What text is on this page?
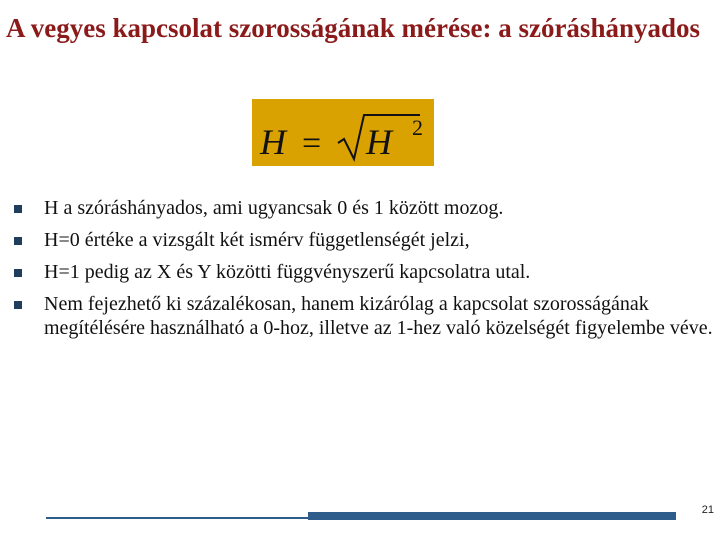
A vegyes kapcsolat szorosságának mérése: a szóráshányados
H = H 2
H a szóráshányados, ami ugyancsak 0 és 1 között mozog.
H=0 értéke a vizsgált két ismérv függetlenségét jelzi,
H=1 pedig az X és Y közötti függvényszerű kapcsolatra utal.
Nem fejezhető ki százalékosan, hanem kizárólag a kapcsolat szorosságának megítélésére használható a 0-hoz, illetve az 1-hez való közelségét figyelembe véve.
21
